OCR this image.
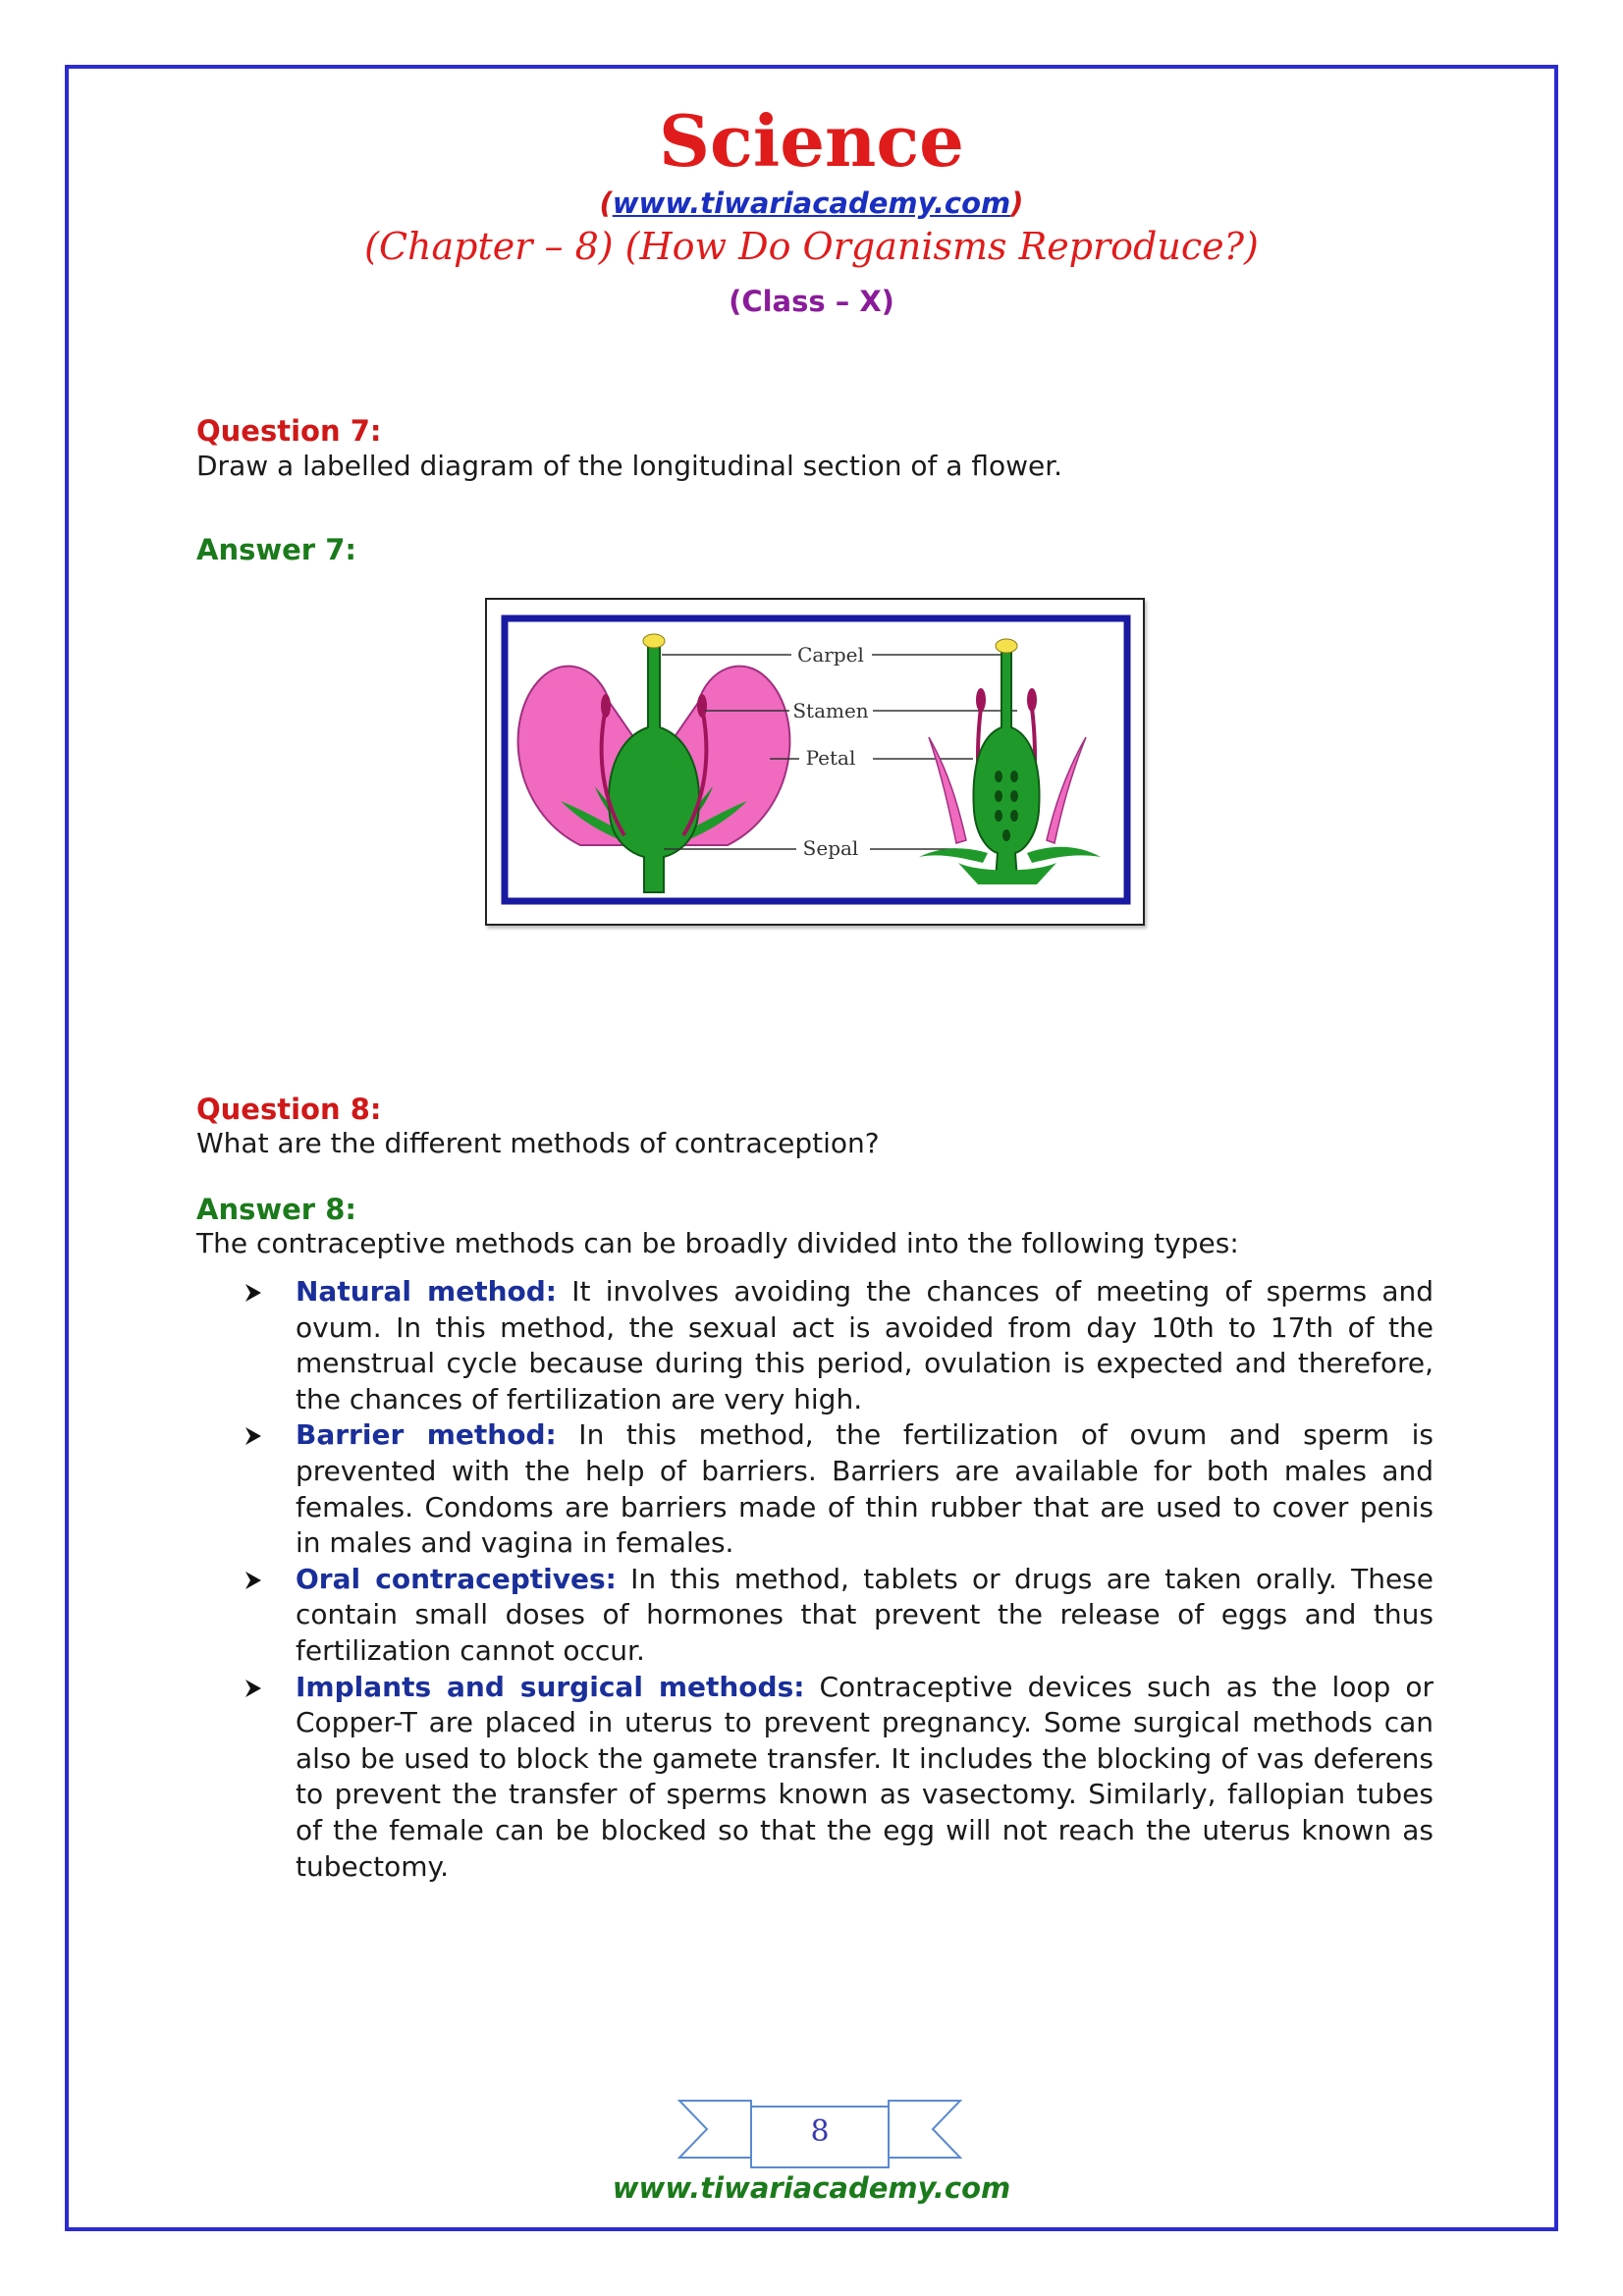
Science
(www.tiwariacademy.com)
(Chapter – 8) (How Do Organisms Reproduce?)
(Class – X)
Question 7:
Draw a labelled diagram of the longitudinal section of a flower.
Answer 7:
Carpel
Stamen
Petal
Sepal
Question 8:
What are the different methods of contraception?
Answer 8:
The contraceptive methods can be broadly divided into the following types:
Natural method: It involves avoiding the chances of meeting of sperms and ovum. In this method, the sexual act is avoided from day 10th to 17th of the menstrual cycle because during this period, ovulation is expected and therefore, the chances of fertilization are very high.
Barrier method: In this method, the fertilization of ovum and sperm is prevented with the help of barriers. Barriers are available for both males and females. Condoms are barriers made of thin rubber that are used to cover penis in males and vagina in females.
Oral contraceptives: In this method, tablets or drugs are taken orally. These contain small doses of hormones that prevent the release of eggs and thus fertilization cannot occur.
Implants and surgical methods: Contraceptive devices such as the loop or Copper-T are placed in uterus to prevent pregnancy. Some surgical methods can also be used to block the gamete transfer. It includes the blocking of vas deferens to prevent the transfer of sperms known as vasectomy. Similarly, fallopian tubes of the female can be blocked so that the egg will not reach the uterus known as tubectomy.
8
www.tiwariacademy.com
